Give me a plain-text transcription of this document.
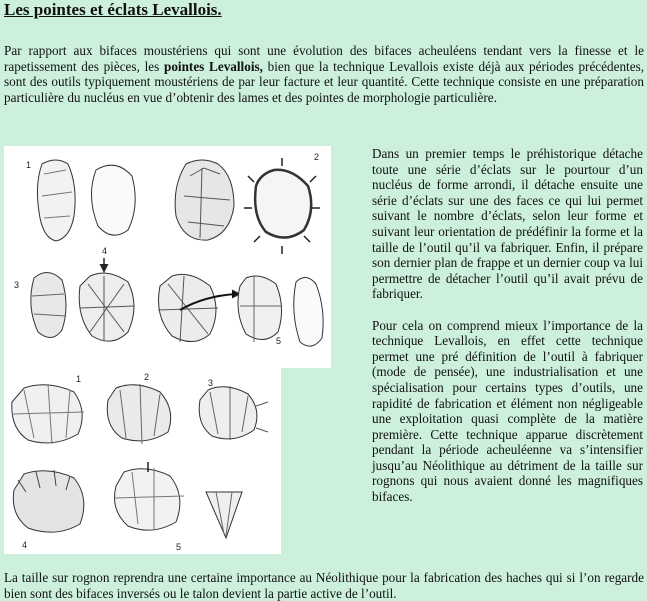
Les pointes et éclats Levallois.

Par rapport aux bifaces moustériens qui sont une évolution des bifaces acheuléens tendant vers la finesse et le rapetissement des pièces, les pointes Levallois, bien que la technique Levallois existe déjà aux périodes précédentes, sont des outils typiquement moustériens de par leur facture et leur quantité. Cette technique consiste en une préparation particulière du nucléus en vue d’obtenir des lames et des pointes de morphologie particulière.

1
2
3
4
5
1	2
3
4	5

Dans un premier temps le préhistorique détache toute une série d’éclats sur le pourtour d’un nucléus de forme arrondi, il détache ensuite une série d’éclats sur une des faces ce qui lui permet suivant le nombre d’éclats, selon leur forme et suivant leur orientation de prédéfinir la forme et la taille de l’outil qu’il va fabriquer. Enfin, il prépare son dernier plan de frappe et un dernier coup va lui permettre de détacher l’outil qu’il avait prévu de fabriquer.

Pour cela on comprend mieux l’importance de la technique Levallois, en effet cette technique permet une pré définition de l’outil à fabriquer (mode de pensée), une industrialisation et une spécialisation pour certains types d’outils, une rapidité de fabrication et élément non négligeable une exploitation quasi complète de la matière première. Cette technique apparue discrètement pendant la période acheuléenne va s’intensifier jusqu’au Néolithique au détriment de la taille sur rognons qui nous avaient donné les magnifiques bifaces.

La taille sur rognon reprendra une certaine importance au Néolithique pour la fabrication des haches qui si l’on regarde bien sont des bifaces inversés ou le talon devient la partie active de l’outil.
